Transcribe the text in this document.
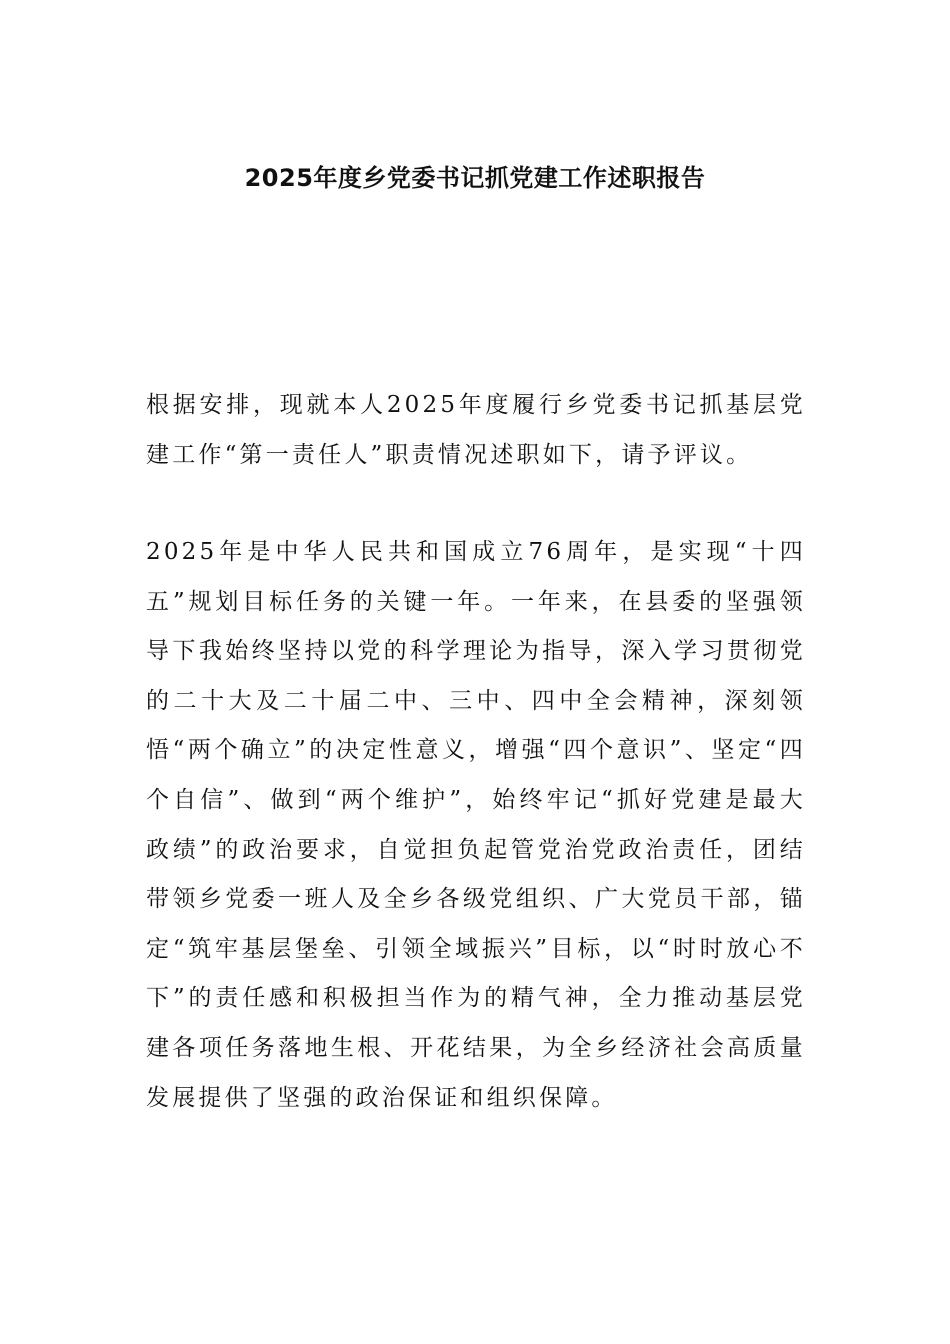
2025年度乡党委书记抓党建工作述职报告

根据安排，现就本人2025年度履行乡党委书记抓基层党建工作“第一责任人”职责情况述职如下，请予评议。

2025年是中华人民共和国成立76周年，是实现“十四五”规划目标任务的关键一年。一年来，在县委的坚强领导下我始终坚持以党的科学理论为指导，深入学习贯彻党的二十大及二十届二中、三中、四中全会精神，深刻领悟“两个确立”的决定性意义，增强“四个意识”、坚定“四个自信”、做到“两个维护”，始终牢记“抓好党建是最大政绩”的政治要求，自觉担负起管党治党政治责任，团结带领乡党委一班人及全乡各级党组织、广大党员干部，锚定“筑牢基层堡垒、引领全域振兴”目标，以“时时放心不下”的责任感和积极担当作为的精气神，全力推动基层党建各项任务落地生根、开花结果，为全乡经济社会高质量发展提供了坚强的政治保证和组织保障。
